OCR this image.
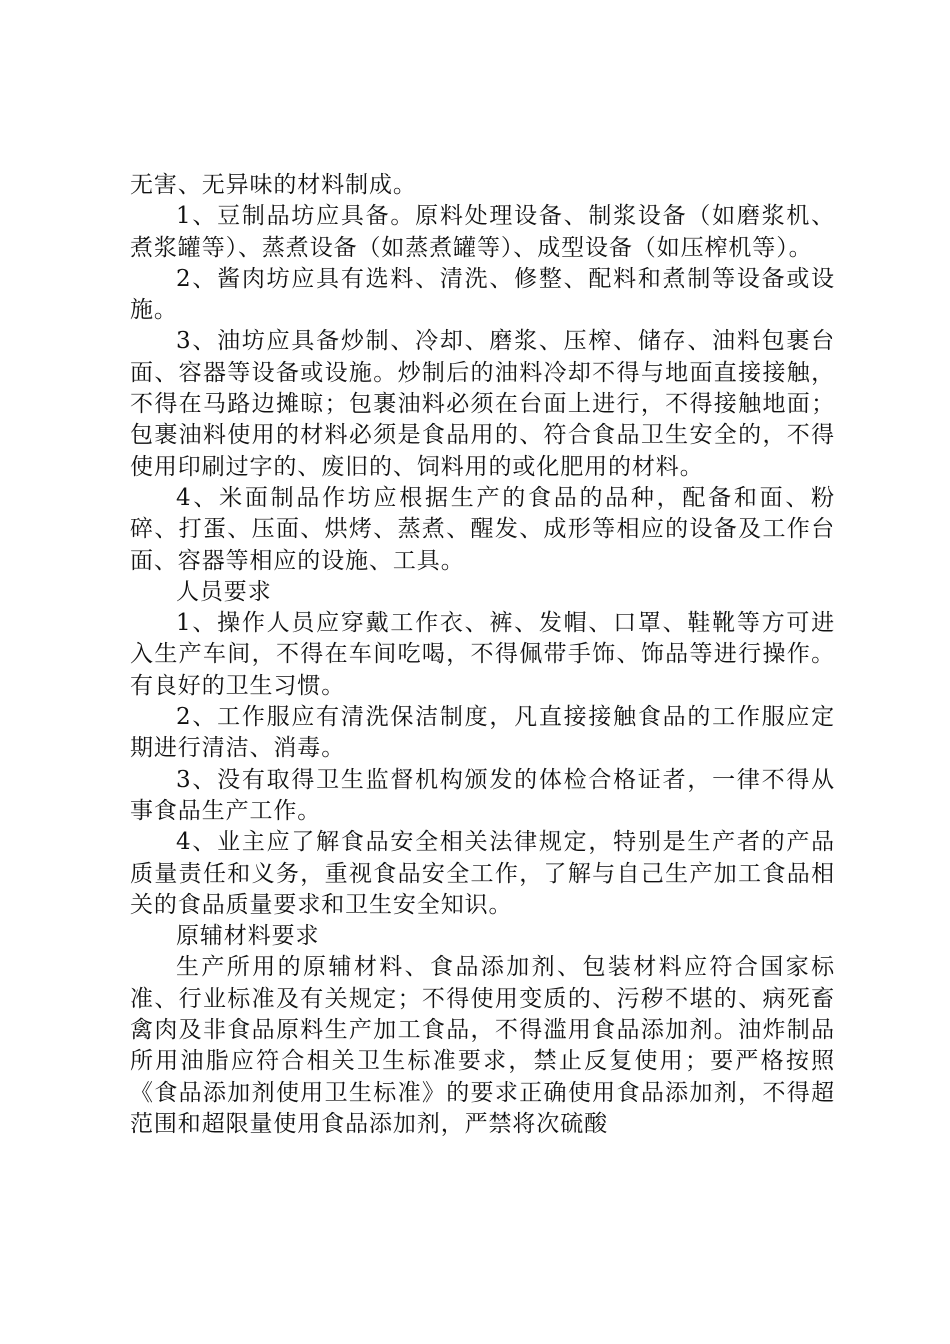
无害、无异味的材料制成。

1、豆制品坊应具备。原料处理设备、制浆设备（如磨浆机、煮浆罐等）、蒸煮设备（如蒸煮罐等）、成型设备（如压榨机等）。

2、酱肉坊应具有选料、清洗、修整、配料和煮制等设备或设施。

3、油坊应具备炒制、冷却、磨浆、压榨、储存、油料包裹台面、容器等设备或设施。炒制后的油料冷却不得与地面直接接触，不得在马路边摊晾；包裹油料必须在台面上进行，不得接触地面；包裹油料使用的材料必须是食品用的、符合食品卫生安全的，不得使用印刷过字的、废旧的、饲料用的或化肥用的材料。

4、米面制品作坊应根据生产的食品的品种，配备和面、粉碎、打蛋、压面、烘烤、蒸煮、醒发、成形等相应的设备及工作台面、容器等相应的设施、工具。

人员要求

1、操作人员应穿戴工作衣、裤、发帽、口罩、鞋靴等方可进入生产车间，不得在车间吃喝，不得佩带手饰、饰品等进行操作。有良好的卫生习惯。

2、工作服应有清洗保洁制度，凡直接接触食品的工作服应定期进行清洁、消毒。

3、没有取得卫生监督机构颁发的体检合格证者，一律不得从事食品生产工作。

4、业主应了解食品安全相关法律规定，特别是生产者的产品质量责任和义务，重视食品安全工作，了解与自己生产加工食品相关的食品质量要求和卫生安全知识。

原辅材料要求

生产所用的原辅材料、食品添加剂、包装材料应符合国家标准、行业标准及有关规定；不得使用变质的、污秽不堪的、病死畜禽肉及非食品原料生产加工食品，不得滥用食品添加剂。油炸制品所用油脂应符合相关卫生标准要求，禁止反复使用；要严格按照《食品添加剂使用卫生标准》的要求正确使用食品添加剂，不得超范围和超限量使用食品添加剂，严禁将次硫酸
